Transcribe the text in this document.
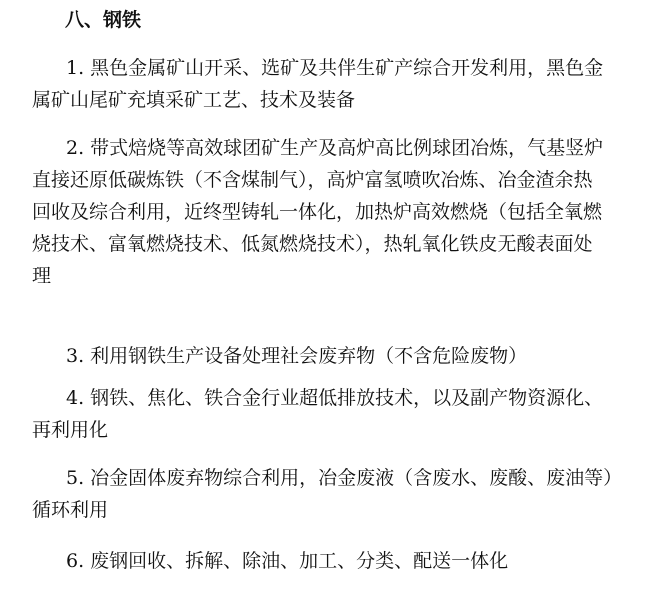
八、钢铁
1. 黑色金属矿山开采、选矿及共伴生矿产综合开发利用，黑色金
属矿山尾矿充填采矿工艺、技术及装备
2. 带式焙烧等高效球团矿生产及高炉高比例球团冶炼，气基竖炉
直接还原低碳炼铁（不含煤制气），高炉富氢喷吹冶炼、冶金渣余热
回收及综合利用，近终型铸轧一体化，加热炉高效燃烧（包括全氧燃
烧技术、富氧燃烧技术、低氮燃烧技术），热轧氧化铁皮无酸表面处
理
3. 利用钢铁生产设备处理社会废弃物（不含危险废物）
4. 钢铁、焦化、铁合金行业超低排放技术，以及副产物资源化、
再利用化
5. 冶金固体废弃物综合利用，冶金废液（含废水、废酸、废油等）
循环利用
6. 废钢回收、拆解、除油、加工、分类、配送一体化
